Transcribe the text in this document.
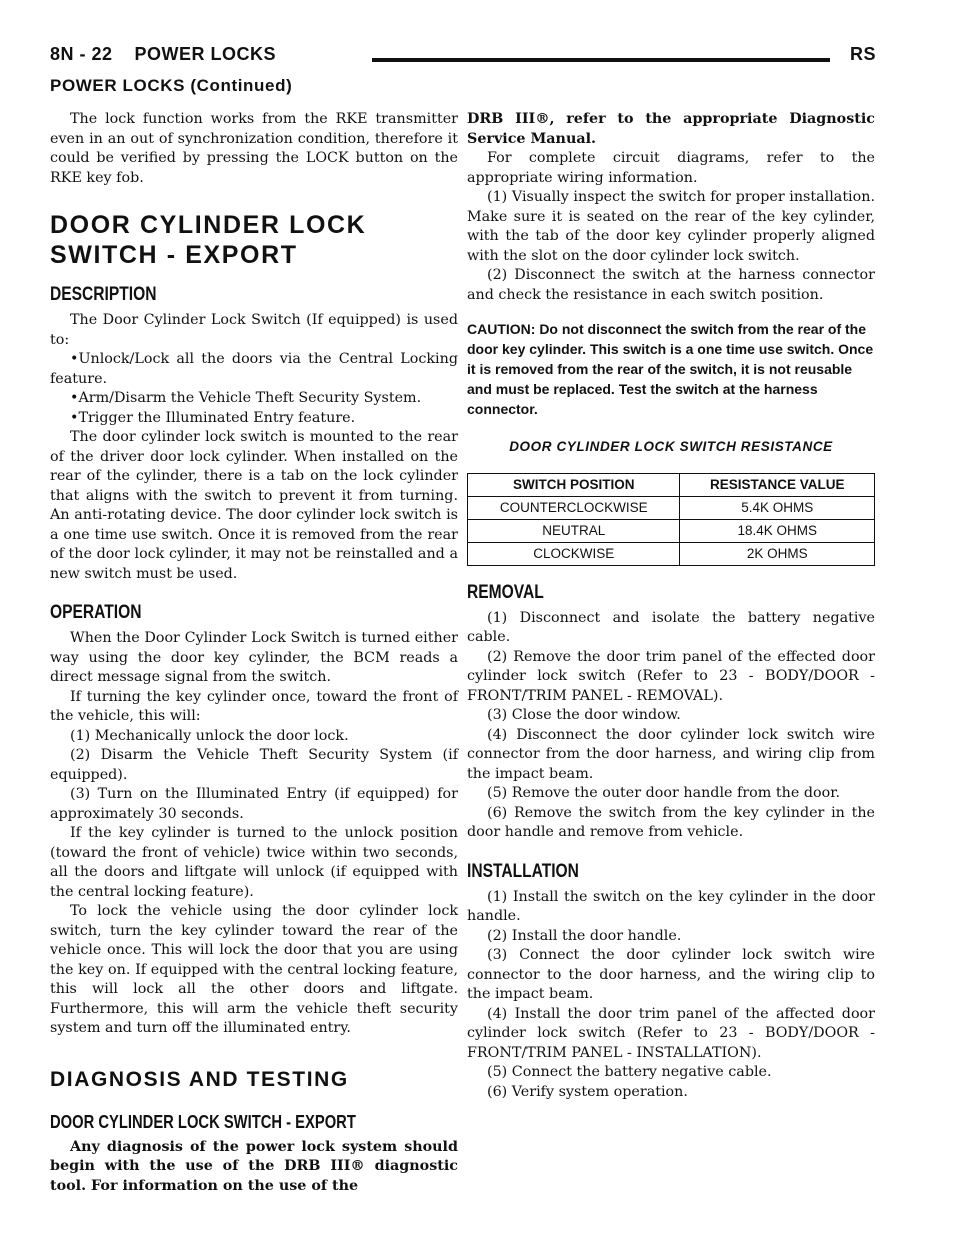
8N - 22 POWER LOCKS	RS
POWER LOCKS (Continued)

The lock function works from the RKE transmitter even in an out of synchronization condition, therefore it could be verified by pressing the LOCK button on the RKE key fob.

DOOR CYLINDER LOCK SWITCH - EXPORT
DESCRIPTION

The Door Cylinder Lock Switch (If equipped) is used to:

•Unlock/Lock all the doors via the Central Locking feature.

•Arm/Disarm the Vehicle Theft Security System.

•Trigger the Illuminated Entry feature.

The door cylinder lock switch is mounted to the rear of the driver door lock cylinder. When installed on the rear of the cylinder, there is a tab on the lock cylinder that aligns with the switch to prevent it from turning. An anti-rotating device. The door cylinder lock switch is a one time use switch. Once it is removed from the rear of the door lock cylinder, it may not be reinstalled and a new switch must be used.

OPERATION

When the Door Cylinder Lock Switch is turned either way using the door key cylinder, the BCM reads a direct message signal from the switch.

If turning the key cylinder once, toward the front of the vehicle, this will:

(1) Mechanically unlock the door lock.

(2) Disarm the Vehicle Theft Security System (if equipped).

(3) Turn on the Illuminated Entry (if equipped) for approximately 30 seconds.

If the key cylinder is turned to the unlock position (toward the front of vehicle) twice within two seconds, all the doors and liftgate will unlock (if equipped with the central locking feature).

To lock the vehicle using the door cylinder lock switch, turn the key cylinder toward the rear of the vehicle once. This will lock the door that you are using the key on. If equipped with the central locking feature, this will lock all the other doors and liftgate. Furthermore, this will arm the vehicle theft security system and turn off the illuminated entry.

DIAGNOSIS AND TESTING
DOOR CYLINDER LOCK SWITCH - EXPORT

Any diagnosis of the power lock system should begin with the use of the DRB III® diagnostic tool. For information on the use of the

DRB III®, refer to the appropriate Diagnostic Service Manual.

For complete circuit diagrams, refer to the appropriate wiring information.

(1) Visually inspect the switch for proper installation. Make sure it is seated on the rear of the key cylinder, with the tab of the door key cylinder properly aligned with the slot on the door cylinder lock switch.

(2) Disconnect the switch at the harness connector and check the resistance in each switch position.

CAUTION: Do not disconnect the switch from the rear of the door key cylinder. This switch is a one time use switch. Once it is removed from the rear of the switch, it is not reusable and must be replaced. Test the switch at the harness connector.

DOOR CYLINDER LOCK SWITCH RESISTANCE
SWITCH POSITION	RESISTANCE VALUE
COUNTERCLOCKWISE	5.4K OHMS
NEUTRAL	18.4K OHMS
CLOCKWISE	2K OHMS
REMOVAL

(1) Disconnect and isolate the battery negative cable.

(2) Remove the door trim panel of the effected door cylinder lock switch (Refer to 23 - BODY/DOOR - FRONT/TRIM PANEL - REMOVAL).

(3) Close the door window.

(4) Disconnect the door cylinder lock switch wire connector from the door harness, and wiring clip from the impact beam.

(5) Remove the outer door handle from the door.

(6) Remove the switch from the key cylinder in the door handle and remove from vehicle.

INSTALLATION

(1) Install the switch on the key cylinder in the door handle.

(2) Install the door handle.

(3) Connect the door cylinder lock switch wire connector to the door harness, and the wiring clip to the impact beam.

(4) Install the door trim panel of the affected door cylinder lock switch (Refer to 23 - BODY/DOOR - FRONT/TRIM PANEL - INSTALLATION).

(5) Connect the battery negative cable.

(6) Verify system operation.
